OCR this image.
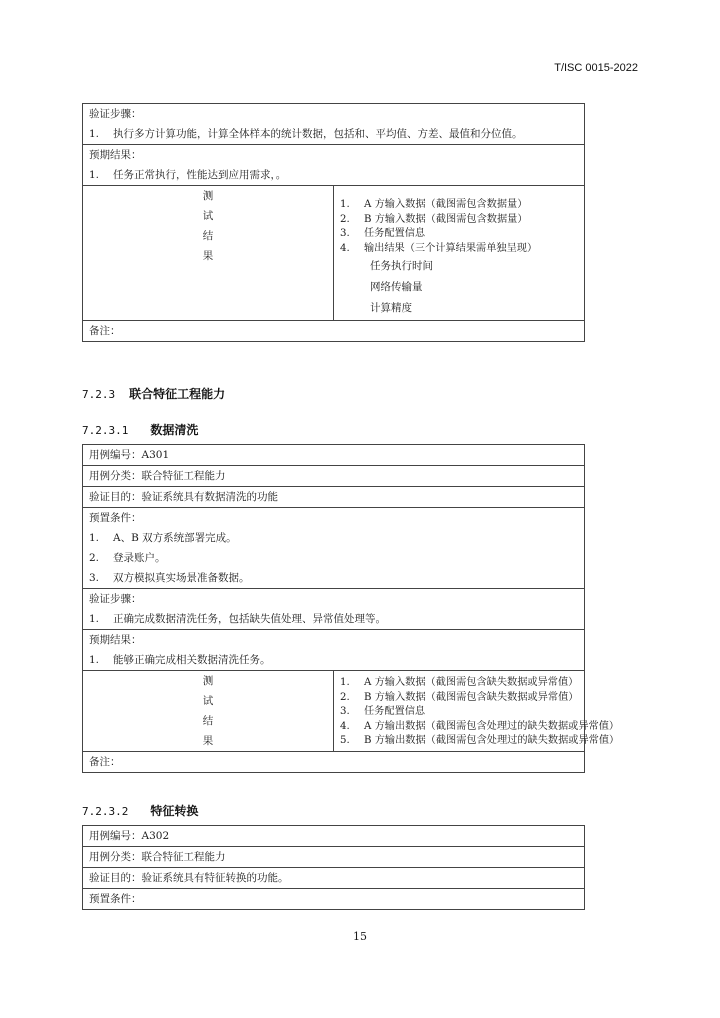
T/ISC 0015-2022
验证步骤：
1. 执行多方计算功能，计算全体样本的统计数据，包括和、平均值、方差、最值和分位值。

预期结果：
1. 任务正常执行，性能达到应用需求，。

测
试
结
果

1. A 方输入数据（截图需包含数据量）
2. B 方输入数据（截图需包含数据量）
3. 任务配置信息
4. 输出结果（三个计算结果需单独呈现）
任务执行时间
网络传输量
计算精度

备注：
7.2.3 联合特征工程能力
7.2.3.1 数据清洗
用例编号：A301
用例分类：联合特征工程能力
验证目的：验证系统具有数据清洗的功能

预置条件：
1. A、B 双方系统部署完成。
2. 登录账户。
3. 双方模拟真实场景准备数据。

验证步骤：
1. 正确完成数据清洗任务，包括缺失值处理、异常值处理等。

预期结果：
1. 能够正确完成相关数据清洗任务。

测
试
结
果

1. A 方输入数据（截图需包含缺失数据或异常值）
2. B 方输入数据（截图需包含缺失数据或异常值）
3. 任务配置信息
4. A 方输出数据（截图需包含处理过的缺失数据或异常值）
5. B 方输出数据（截图需包含处理过的缺失数据或异常值）

备注：
7.2.3.2 特征转换
用例编号：A302
用例分类：联合特征工程能力
验证目的：验证系统具有特征转换的功能。
预置条件：
15
